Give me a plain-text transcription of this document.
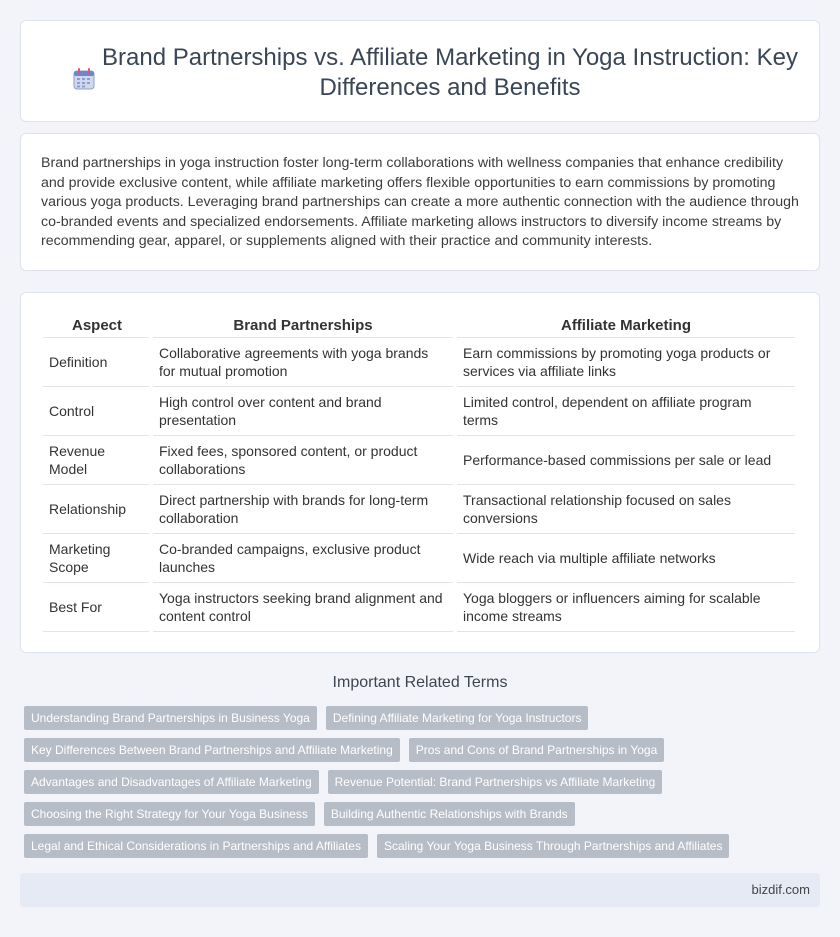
Brand Partnerships vs. Affiliate Marketing in Yoga Instruction: Key Differences and Benefits

Brand partnerships in yoga instruction foster long-term collaborations with wellness companies that enhance credibility and provide exclusive content, while affiliate marketing offers flexible opportunities to earn commissions by promoting various yoga products. Leveraging brand partnerships can create a more authentic connection with the audience through co-branded events and specialized endorsements. Affiliate marketing allows instructors to diversify income streams by recommending gear, apparel, or supplements aligned with their practice and community interests.

Aspect	Brand Partnerships	Affiliate Marketing
Definition	Collaborative agreements with yoga brands for mutual promotion	Earn commissions by promoting yoga products or services via affiliate links
Control	High control over content and brand presentation	Limited control, dependent on affiliate program terms
Revenue Model	Fixed fees, sponsored content, or product collaborations	Performance-based commissions per sale or lead
Relationship	Direct partnership with brands for long-term collaboration	Transactional relationship focused on sales conversions
Marketing Scope	Co-branded campaigns, exclusive product launches	Wide reach via multiple affiliate networks
Best For	Yoga instructors seeking brand alignment and content control	Yoga bloggers or influencers aiming for scalable income streams
Important Related Terms
Understanding Brand Partnerships in Business Yoga	Defining Affiliate Marketing for Yoga Instructors
Key Differences Between Brand Partnerships and Affiliate Marketing	Pros and Cons of Brand Partnerships in Yoga
Advantages and Disadvantages of Affiliate Marketing	Revenue Potential: Brand Partnerships vs Affiliate Marketing
Choosing the Right Strategy for Your Yoga Business	Building Authentic Relationships with Brands
Legal and Ethical Considerations in Partnerships and Affiliates	Scaling Your Yoga Business Through Partnerships and Affiliates
bizdif.com
